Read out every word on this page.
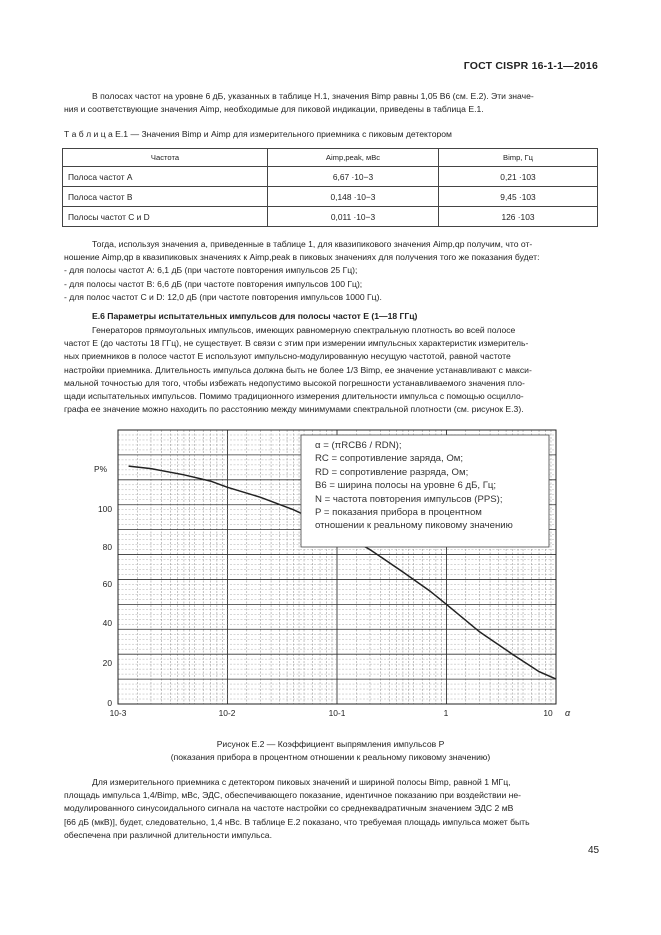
ГОСТ CISPR 16-1-1—2016
В полосах частот на уровне 6 дБ, указанных в таблице Н.1, значения Bimp равны 1,05 B6 (см. Е.2). Эти значе-
ния и соответствующие значения Aimp, необходимые для пиковой индикации, приведены в таблица Е.1.
Т а б л и ц а Е.1 — Значения Bimp и Aimp для измерительного приемника с пиковым детектором
Частота	Aimp,peak, мВс	Bimp, Гц
Полоса частот А	6,67 ·10−3	0,21 ·103
Полоса частот В	0,148 ·10−3	9,45 ·103
Полосы частот С и D	0,011 ·10−3	126 ·103
Тогда, используя значения a, приведенные в таблице 1, для квазипикового значения Aimp,qp получим, что от-
ношение Aimp,qp в квазипиковых значениях к Aimp,peak в пиковых значениях для получения того же показания будет:
- для полосы частот А: 6,1 дБ (при частоте повторения импульсов 25 Гц);
- для полосы частот В: 6,6 дБ (при частоте повторения импульсов 100 Гц);
- для полос частот С и D: 12,0 дБ (при частоте повторения импульсов 1000 Гц).
Е.6 Параметры испытательных импульсов для полосы частот Е (1—18 ГГц)
Генераторов прямоугольных импульсов, имеющих равномерную спектральную плотность во всей полосе
частот Е (до частоты 18 ГГц), не существует. В связи с этим при измерении импульсных характеристик измеритель-
ных приемников в полосе частот Е используют импульсно-модулированную несущую частотой, равной частоте
настройки приемника. Длительность импульса должна быть не более 1/3 Bimp, ее значение устанавливают с макси-
мальной точностью для того, чтобы избежать недопустимо высокой погрешности устанавливаемого значения пло-
щади испытательных импульсов. Помимо традиционного измерения длительности импульса с помощью осцилло-
графа ее значение можно находить по расстоянию между минимумами спектральной плотности (см. рисунок Е.3).
0
20
40
60
80
100
P%
10-3	10-2	10-1	1	10 α
α = (πRCB6 / RDN);
RC = сопротивление заряда, Ом;
RD = сопротивление разряда, Ом;
B6 = ширина полосы на уровне 6 дБ, Гц;
N = частота повторения импульсов (PPS);
P = показания прибора в процентном
отношении к реальному пиковому значению
Рисунок Е.2 — Коэффициент выпрямления импульсов P
(показания прибора в процентном отношении к реальному пиковому значению)
Для измерительного приемника с детектором пиковых значений и шириной полосы Bimp, равной 1 МГц,
площадь импульса 1,4/Bimp, мВс, ЭДС, обеспечивающего показание, идентичное показанию при воздействии не-
модулированного синусоидального сигнала на частоте настройки со среднеквадратичным значением ЭДС 2 мВ
[66 дБ (мкВ)], будет, следовательно, 1,4 нВс. В таблице Е.2 показано, что требуемая площадь импульса может быть
обеспечена при различной длительности импульса.
45
